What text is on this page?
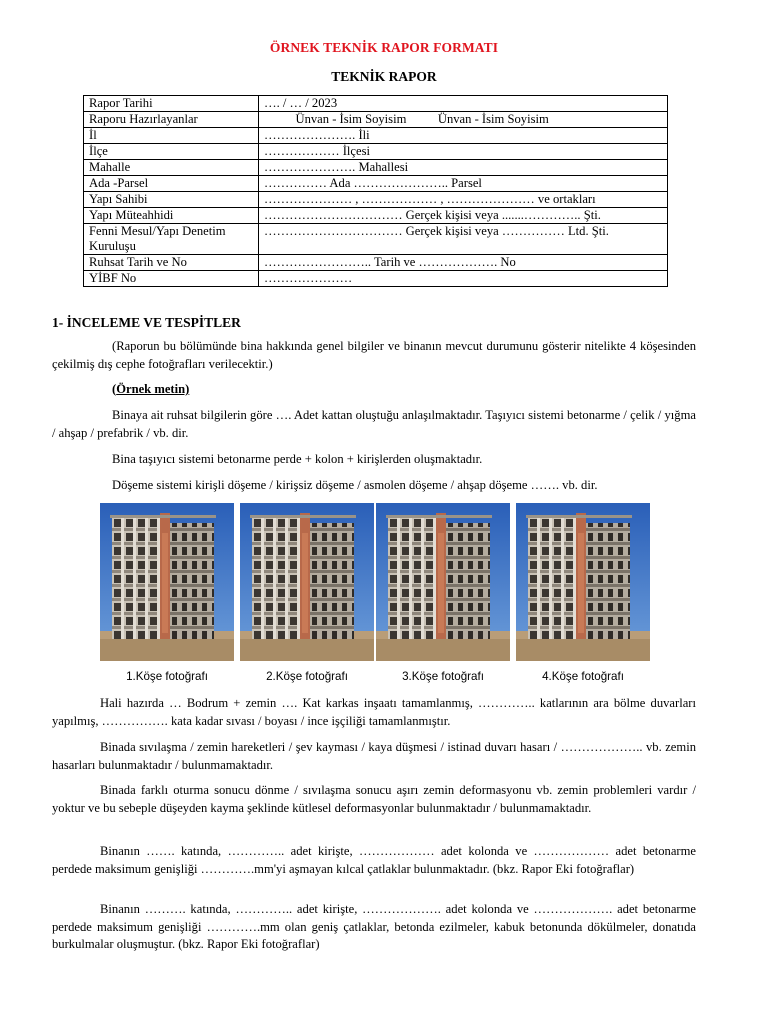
ÖRNEK TEKNİK RAPOR FORMATI
TEKNİK RAPOR
Rapor Tarihi	…. / … / 2023
Raporu Hazırlayanlar	Ünvan - İsim Soyisim          Ünvan - İsim Soyisim
İl	…………………. İli
İlçe	……………… İlçesi
Mahalle	…………………. Mahallesi
Ada -Parsel	…………… Ada ………………….. Parsel
Yapı Sahibi	………………… , ……………… , ………………… ve ortakları
Yapı Müteahhidi	…………………………… Gerçek kişisi veya .......………….. Şti.
Fenni Mesul/Yapı Denetim Kuruluşu	…………………………… Gerçek kişisi veya …………… Ltd. Şti.
Ruhsat Tarih ve No	…………………….. Tarih ve ………………. No
YİBF No	…………………
1- İNCELEME VE TESPİTLER

(Raporun bu bölümünde bina hakkında genel bilgiler ve binanın mevcut durumunu gösterir nitelikte 4 köşesinden çekilmiş dış cephe fotoğrafları verilecektir.)

(Örnek metin)

Binaya ait ruhsat bilgilerin göre …. Adet kattan oluştuğu anlaşılmaktadır. Taşıyıcı sistemi betonarme / çelik / yığma / ahşap / prefabrik / vb. dir.

Bina taşıyıcı sistemi betonarme perde + kolon + kirişlerden oluşmaktadır.

Döşeme sistemi kirişli döşeme / kirişsiz döşeme / asmolen döşeme / ahşap döşeme ……. vb. dir.

1.Köşe fotoğrafı	2.Köşe fotoğrafı	3.Köşe fotoğrafı	4.Köşe fotoğrafı

Hali hazırda … Bodrum + zemin …. Kat karkas inşaatı tamamlanmış, ………….. katlarının ara bölme duvarları yapılmış, ……………. kata kadar sıvası / boyası / ince işçiliği tamamlanmıştır.

Binada sıvılaşma / zemin hareketleri / şev kayması / kaya düşmesi / istinad duvarı hasarı / ……………….. vb. zemin hasarları bulunmaktadır / bulunmamaktadır.

Binada farklı oturma sonucu dönme / sıvılaşma sonucu aşırı zemin deformasyonu vb. zemin problemleri vardır / yoktur ve bu sebeple düşeyden kayma şeklinde kütlesel deformasyonlar bulunmaktadır / bulunmamaktadır.

Binanın ……. katında, ………….. adet kirişte, ……………… adet kolonda ve ……………… adet betonarme perdede maksimum genişliği ………….mm'yi aşmayan kılcal çatlaklar bulunmaktadır. (bkz. Rapor Eki fotoğraflar)

Binanın ………. katında, ………….. adet kirişte, ………………. adet kolonda ve ………………. adet betonarme perdede maksimum genişliği ………….mm olan geniş çatlaklar, betonda ezilmeler, kabuk betonunda dökülmeler, donatıda burkulmalar oluşmuştur. (bkz. Rapor Eki fotoğraflar)
